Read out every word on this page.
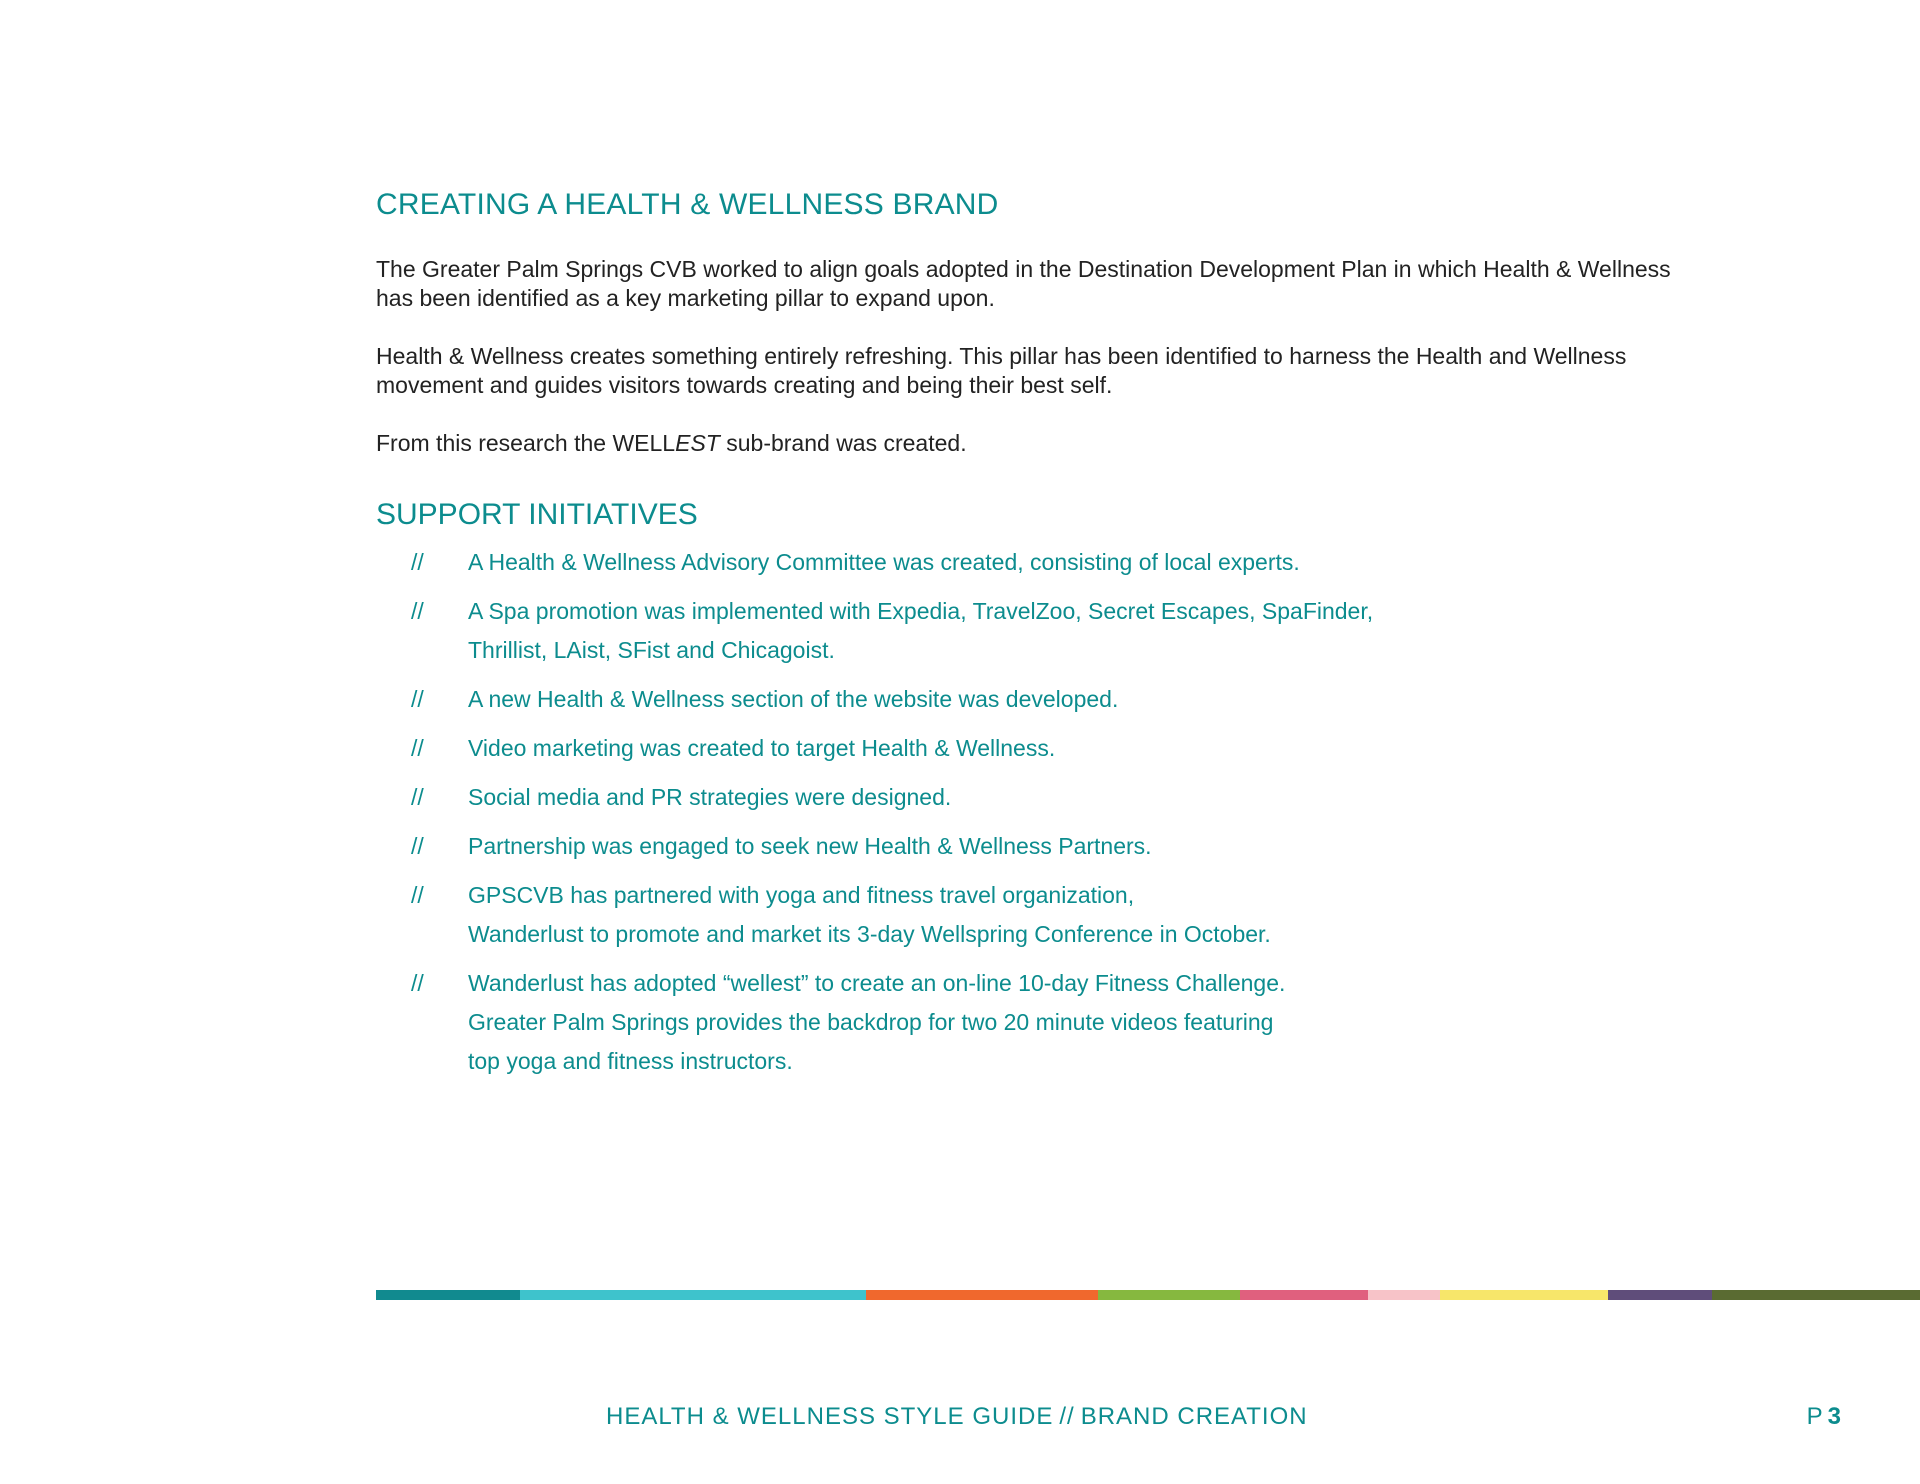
CREATING A HEALTH & WELLNESS BRAND

The Greater Palm Springs CVB worked to align goals adopted in the Destination Development Plan in which Health & Wellness has been identified as a key marketing pillar to expand upon.

Health & Wellness creates something entirely refreshing. This pillar has been identified to harness the Health and Wellness movement and guides visitors towards creating and being their best self.

From this research the WELLEST sub-brand was created.

SUPPORT INITIATIVES
// A Health & Wellness Advisory Committee was created, consisting of local experts.
// A Spa promotion was implemented with Expedia, TravelZoo, Secret Escapes, SpaFinder,
Thrillist, LAist, SFist and Chicagoist.
// A new Health & Wellness section of the website was developed.
// Video marketing was created to target Health & Wellness.
// Social media and PR strategies were designed.
// Partnership was engaged to seek new Health & Wellness Partners.
// GPSCVB has partnered with yoga and fitness travel organization,
Wanderlust to promote and market its 3-day Wellspring Conference in October.
// Wanderlust has adopted “wellest” to create an on-line 10-day Fitness Challenge.
Greater Palm Springs provides the backdrop for two 20 minute videos featuring
top yoga and fitness instructors.
HEALTH & WELLNESS STYLE GUIDE // BRAND CREATION	P 3
